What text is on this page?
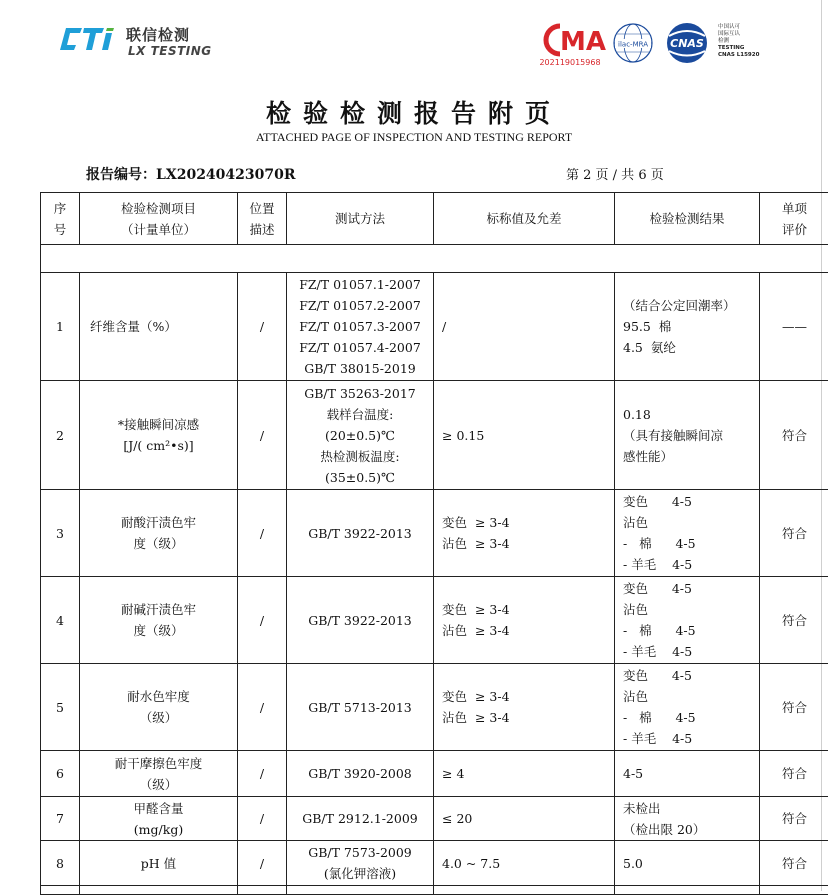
联信检测
LX TESTING	MA
202119015968
ilac-MRA CNAS
中国认可
国际互认
检测
TESTING
CNAS L15920
检验检测报告附页
ATTACHED PAGE OF INSPECTION AND TESTING REPORT
报告编号：LX20240423070R	第 2 页 / 共 6 页
序
号	检验检测项目
（计量单位）	位置
描述	测试方法	标称值及允差	检验检测结果	单项
评价

1	纤维含量（%）	/	FZ/T 01057.1-2007
FZ/T 01057.2-2007
FZ/T 01057.3-2007
FZ/T 01057.4-2007
GB/T 38015-2019	/	（结合公定回潮率）
95.5  棉
4.5  氨纶	——
2	*接触瞬间凉感
[J/( cm²•s)]	/	GB/T 35263-2017
载样台温度:
(20±0.5)℃
热检测板温度:
(35±0.5)℃	≥ 0.15	0.18
（具有接触瞬间凉
感性能）	符合
3	耐酸汗渍色牢
度（级）	/	GB/T 3922-2013	变色  ≥ 3-4
沾色  ≥ 3-4	变色      4-5
沾色
-   棉      4-5
- 羊毛    4-5	符合
4	耐碱汗渍色牢
度（级）	/	GB/T 3922-2013	变色  ≥ 3-4
沾色  ≥ 3-4	变色      4-5
沾色
-   棉      4-5
- 羊毛    4-5	符合
5	耐水色牢度
（级）	/	GB/T 5713-2013	变色  ≥ 3-4
沾色  ≥ 3-4	变色      4-5
沾色
-   棉      4-5
- 羊毛    4-5	符合
6	耐干摩擦色牢度
（级）	/	GB/T 3920-2008	≥ 4	4-5	符合
7	甲醛含量
(mg/kg)	/	GB/T 2912.1-2009	≤ 20	未检出
（检出限 20）	符合
8	pH 值	/	GB/T 7573-2009
(氯化钾溶液)	4.0 ~ 7.5	5.0	符合
